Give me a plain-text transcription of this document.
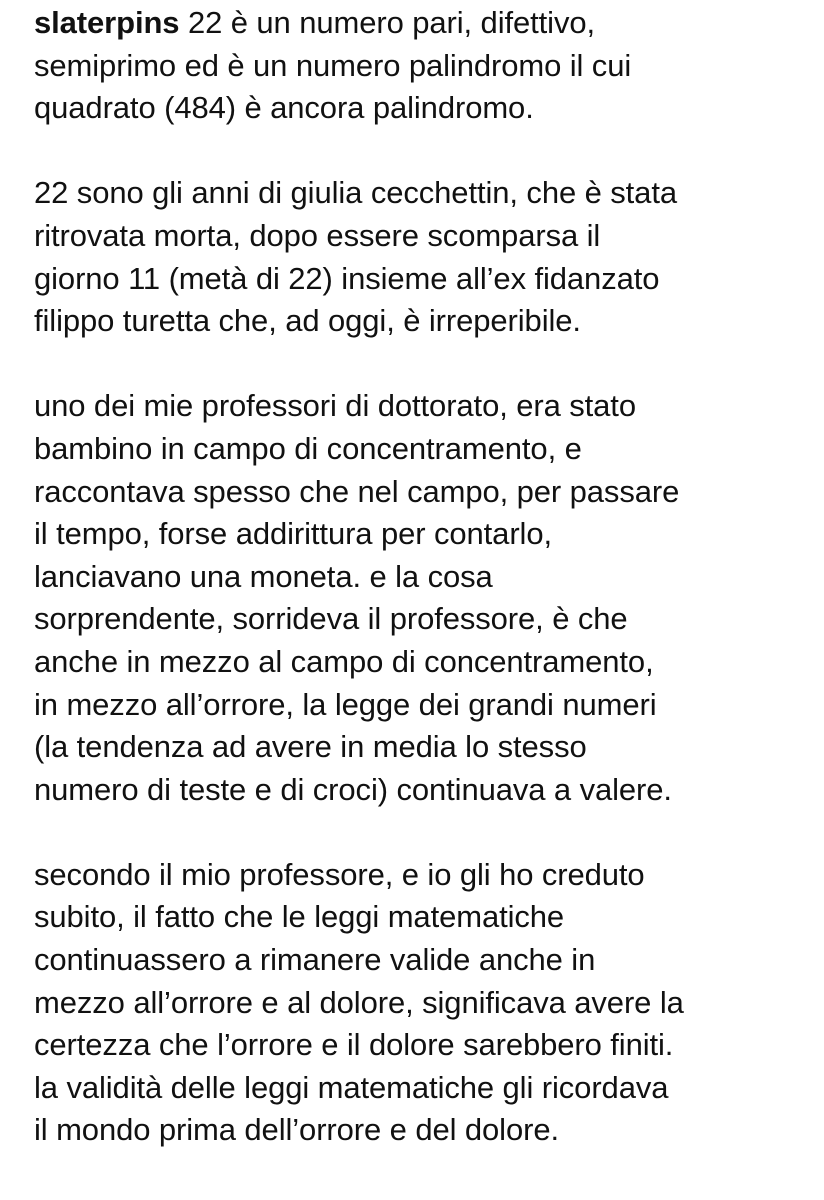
slaterpins 22 è un numero pari, difettivo,
semiprimo ed è un numero palindromo il cui
quadrato (484) è ancora palindromo.

22 sono gli anni di giulia cecchettin, che è stata
ritrovata morta, dopo essere scomparsa il
giorno 11 (metà di 22) insieme all’ex fidanzato
filippo turetta che, ad oggi, è irreperibile.

uno dei mie professori di dottorato, era stato
bambino in campo di concentramento, e
raccontava spesso che nel campo, per passare
il tempo, forse addirittura per contarlo,
lanciavano una moneta. e la cosa
sorprendente, sorrideva il professore, è che
anche in mezzo al campo di concentramento,
in mezzo all’orrore, la legge dei grandi numeri
(la tendenza ad avere in media lo stesso
numero di teste e di croci) continuava a valere.

secondo il mio professore, e io gli ho creduto
subito, il fatto che le leggi matematiche
continuassero a rimanere valide anche in
mezzo all’orrore e al dolore, significava avere la
certezza che l’orrore e il dolore sarebbero finiti.
la validità delle leggi matematiche gli ricordava
il mondo prima dell’orrore e del dolore.
